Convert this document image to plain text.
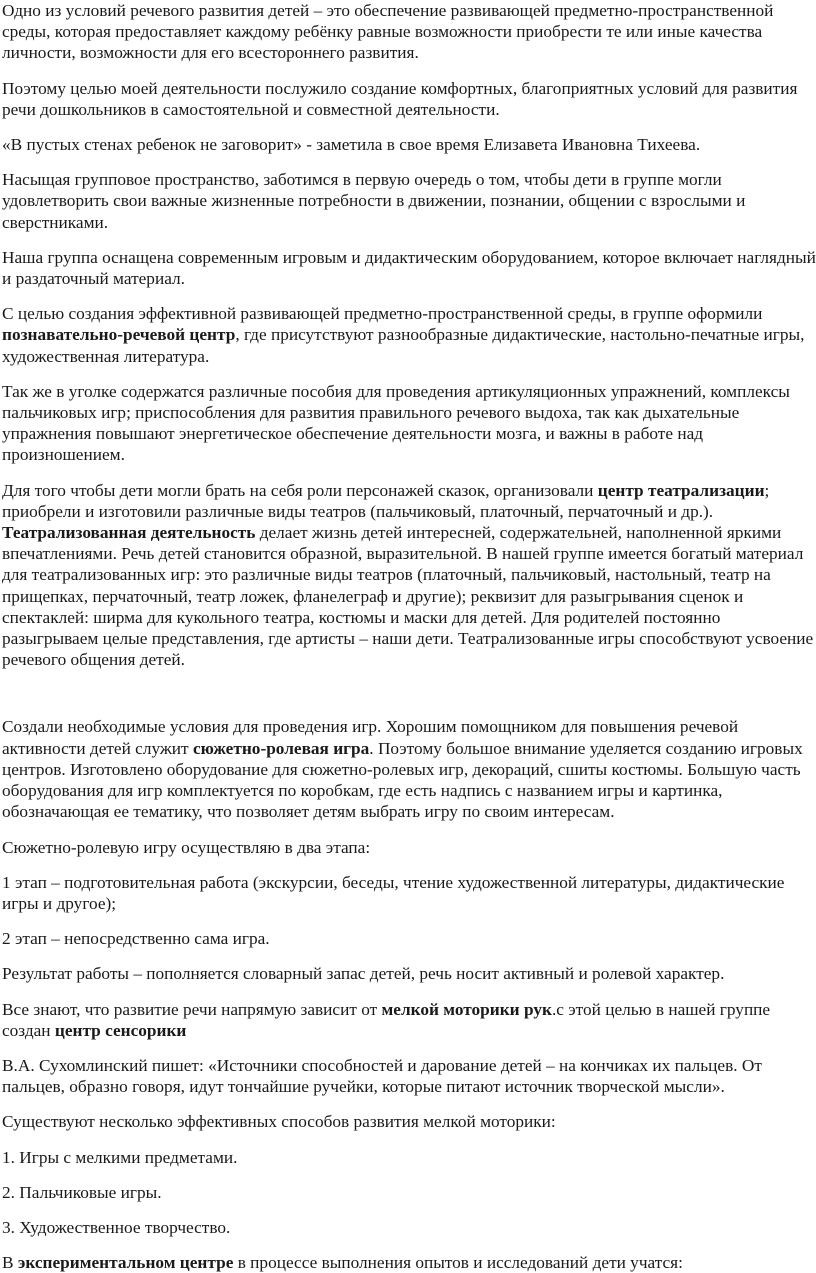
Одно из условий речевого развития детей – это обеспечение развивающей предметно-пространственной среды, которая предоставляет каждому ребёнку равные возможности приобрести те или иные качества личности, возможности для его всестороннего развития.

Поэтому целью моей деятельности послужило создание комфортных, благоприятных условий для развития речи дошкольников в самостоятельной и совместной деятельности.

«В пустых стенах ребенок не заговорит» - заметила в свое время Елизавета Ивановна Тихеева.

Насыщая групповое пространство, заботимся в первую очередь о том, чтобы дети в группе могли удовлетворить свои важные жизненные потребности в движении, познании, общении с взрослыми и сверстниками.

Наша группа оснащена современным игровым и дидактическим оборудованием, которое включает наглядный и раздаточный материал.

С целью создания эффективной развивающей предметно-пространственной среды, в группе оформили познавательно-речевой центр, где присутствуют разнообразные дидактические, настольно-печатные игры, художественная литература.

Так же в уголке содержатся различные пособия для проведения артикуляционных упражнений, комплексы пальчиковых игр; приспособления для развития правильного речевого выдоха, так как дыхательные упражнения повышают энергетическое обеспечение деятельности мозга, и важны в работе над произношением.

Для того чтобы дети могли брать на себя роли персонажей сказок, организовали центр театрализации; приобрели и изготовили различные виды театров (пальчиковый, платочный, перчаточный и др.). Театрализованная деятельность делает жизнь детей интересней, содержательней, наполненной яркими впечатлениями. Речь детей становится образной, выразительной. В нашей группе имеется богатый материал для театрализованных игр: это различные виды театров (платочный, пальчиковый, настольный, театр на прищепках, перчаточный, театр ложек, фланелеграф и другие); реквизит для разыгрывания сценок и спектаклей: ширма для кукольного театра, костюмы и маски для детей. Для родителей постоянно разыгрываем целые представления, где артисты – наши дети. Театрализованные игры способствуют усвоение речевого общения детей.

Создали необходимые условия для проведения игр. Хорошим помощником для повышения речевой активности детей служит сюжетно-ролевая игра. Поэтому большое внимание уделяется созданию игровых центров. Изготовлено оборудование для сюжетно-ролевых игр, декораций, сшиты костюмы. Большую часть оборудования для игр комплектуется по коробкам, где есть надпись с названием игры и картинка, обозначающая ее тематику, что позволяет детям выбрать игру по своим интересам.

Сюжетно-ролевую игру осуществляю в два этапа:

1 этап – подготовительная работа (экскурсии, беседы, чтение художественной литературы, дидактические игры и другое);

2 этап – непосредственно сама игра.

Результат работы – пополняется словарный запас детей, речь носит активный и ролевой характер.

Все знают, что развитие речи напрямую зависит от мелкой моторики рук.с этой целью в нашей группе создан центр сенсорики

В.А. Сухомлинский пишет: «Источники способностей и дарование детей – на кончиках их пальцев. От пальцев, образно говоря, идут тончайшие ручейки, которые питают источник творческой мысли».

Существуют несколько эффективных способов развития мелкой моторики:

1. Игры с мелкими предметами.

2. Пальчиковые игры.

3. Художественное творчество.

В экспериментальном центре в процессе выполнения опытов и исследований дети учатся:
